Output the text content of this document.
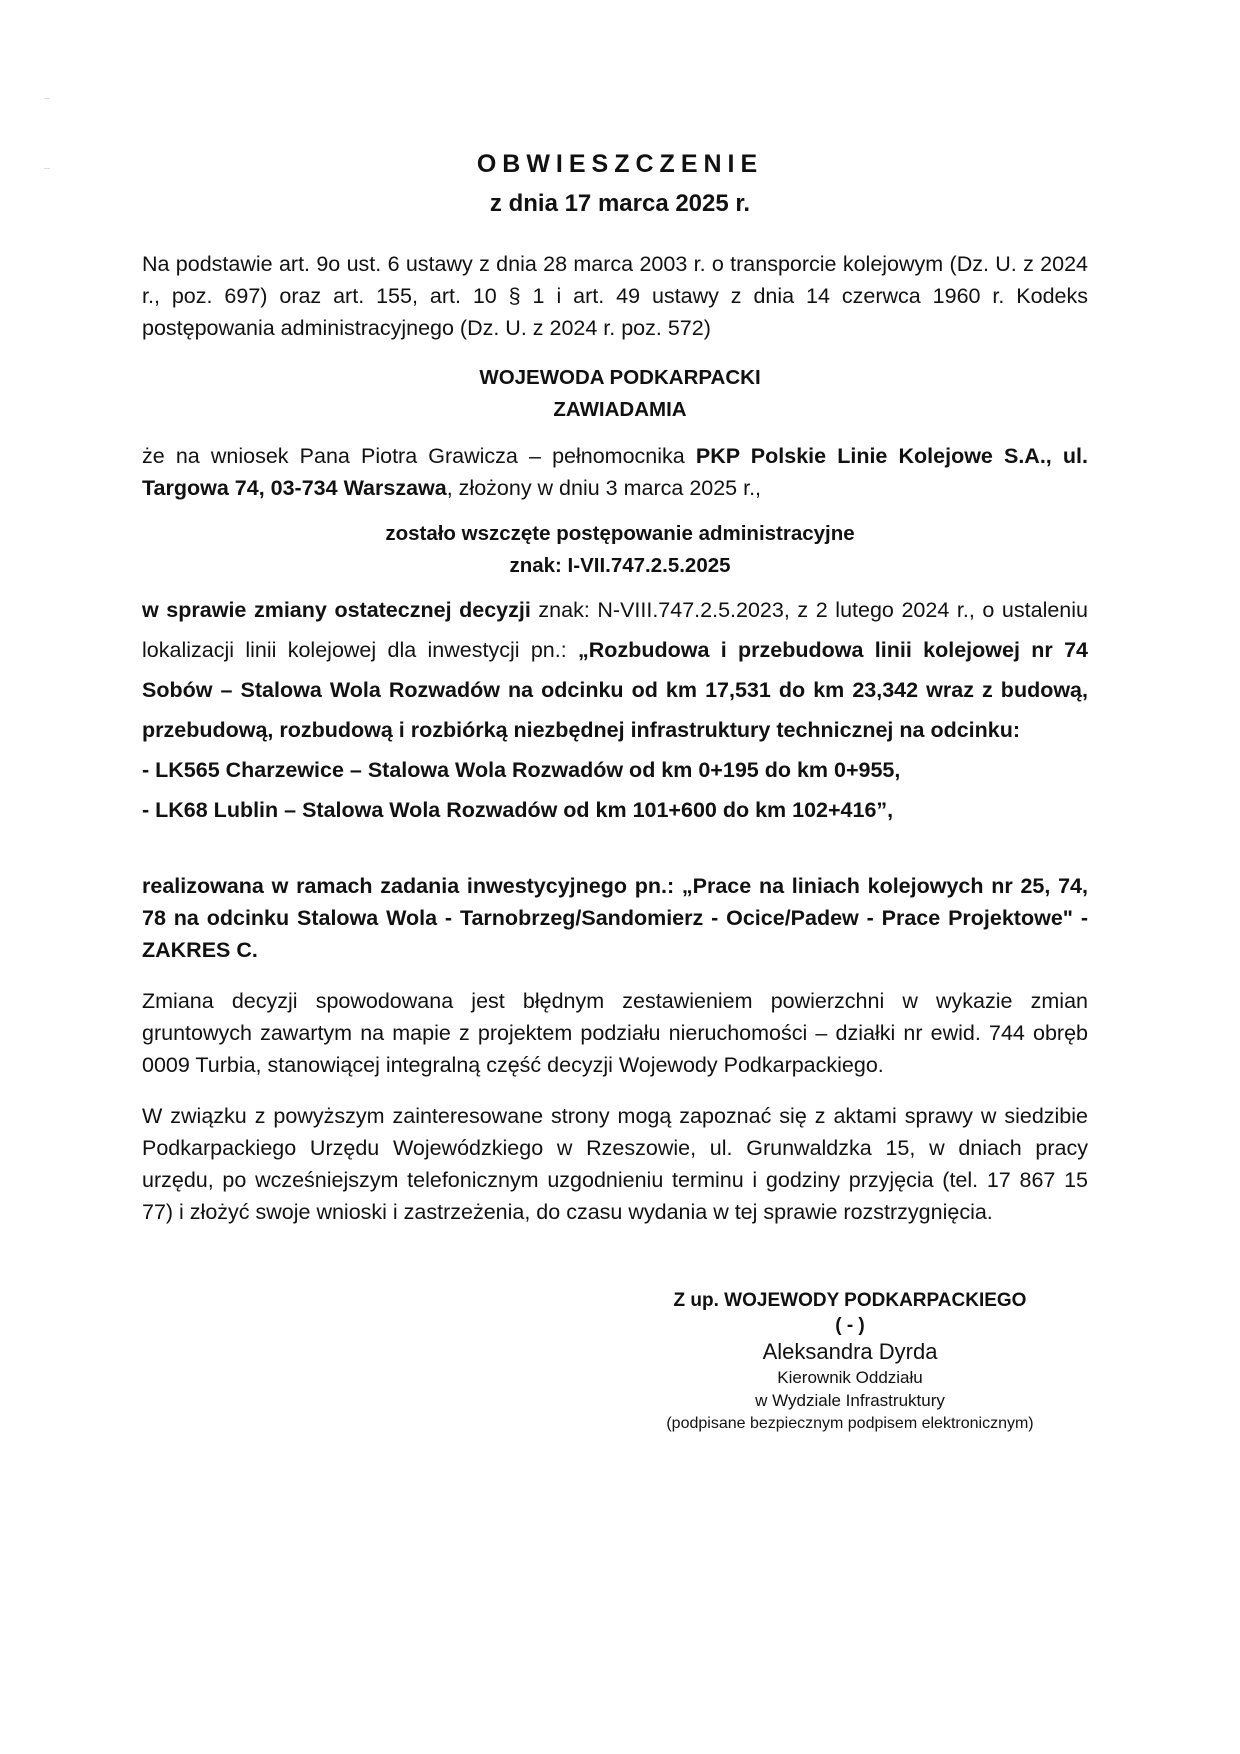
OBWIESZCZENIE
z dnia 17 marca 2025 r.
Na podstawie art. 9o ust. 6 ustawy z dnia 28 marca 2003 r. o transporcie kolejowym (Dz. U. z 2024 r., poz. 697) oraz art. 155, art. 10 § 1 i art. 49 ustawy z dnia 14 czerwca 1960 r. Kodeks postępowania administracyjnego (Dz. U. z 2024 r. poz. 572)
WOJEWODA PODKARPACKI
ZAWIADAMIA
że na wniosek Pana Piotra Grawicza – pełnomocnika PKP Polskie Linie Kolejowe S.A., ul. Targowa 74, 03-734 Warszawa, złożony w dniu 3 marca 2025 r.,
zostało wszczęte postępowanie administracyjne
znak: I-VII.747.2.5.2025
w sprawie zmiany ostatecznej decyzji znak: N-VIII.747.2.5.2023, z 2 lutego 2024 r., o ustaleniu lokalizacji linii kolejowej dla inwestycji pn.: „Rozbudowa i przebudowa linii kolejowej nr 74 Sobów – Stalowa Wola Rozwadów na odcinku od km 17,531 do km 23,342 wraz z budową, przebudową, rozbudową i rozbiórką niezbędnej infrastruktury technicznej na odcinku:
- LK565 Charzewice – Stalowa Wola Rozwadów od km 0+195 do km 0+955,
- LK68 Lublin – Stalowa Wola Rozwadów od km 101+600 do km 102+416”,
realizowana w ramach zadania inwestycyjnego pn.: „Prace na liniach kolejowych nr 25, 74, 78 na odcinku Stalowa Wola - Tarnobrzeg/Sandomierz - Ocice/Padew - Prace Projektowe" - ZAKRES C.
Zmiana decyzji spowodowana jest błędnym zestawieniem powierzchni w wykazie zmian gruntowych zawartym na mapie z projektem podziału nieruchomości – działki nr ewid. 744 obręb 0009 Turbia, stanowiącej integralną część decyzji Wojewody Podkarpackiego.
W związku z powyższym zainteresowane strony mogą zapoznać się z aktami sprawy w siedzibie Podkarpackiego Urzędu Wojewódzkiego w Rzeszowie, ul. Grunwaldzka 15, w dniach pracy urzędu, po wcześniejszym telefonicznym uzgodnieniu terminu i godziny przyjęcia (tel. 17 867 15 77) i złożyć swoje wnioski i zastrzeżenia, do czasu wydania w tej sprawie rozstrzygnięcia.
Z up. WOJEWODY PODKARPACKIEGO
( - )
Aleksandra Dyrda
Kierownik Oddziału
w Wydziale Infrastruktury
(podpisane bezpiecznym podpisem elektronicznym)
